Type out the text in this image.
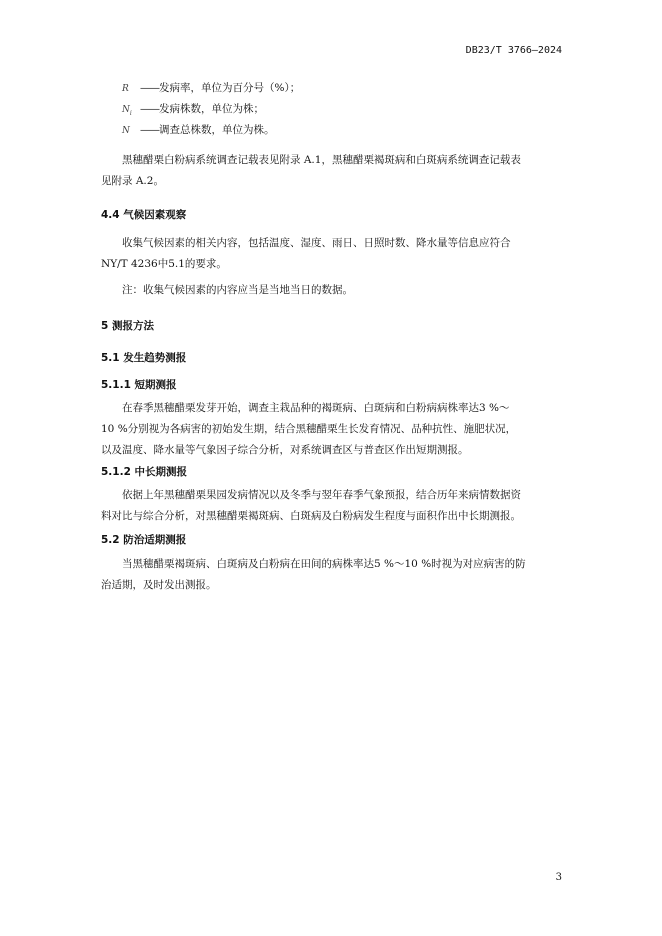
DB23/T 3766—2024
R ——发病率，单位为百分号（%）；
$N_i$ ——发病株数，单位为株；
N ——调查总株数，单位为株。
黑穗醋栗白粉病系统调查记载表见附录 A.1，黑穗醋栗褐斑病和白斑病系统调查记载表
见附录 A.2。
4.4 气候因素观察
收集气候因素的相关内容，包括温度、湿度、雨日、日照时数、降水量等信息应符合
NY/T 4236中5.1的要求。
注：收集气候因素的内容应当是当地当日的数据。
5 测报方法
5.1 发生趋势测报
5.1.1 短期测报
在春季黑穗醋栗发芽开始，调查主栽品种的褐斑病、白斑病和白粉病病株率达3 %～
10 %分别视为各病害的初始发生期，结合黑穗醋栗生长发育情况、品种抗性、施肥状况，
以及温度、降水量等气象因子综合分析，对系统调查区与普查区作出短期测报。
5.1.2 中长期测报
依据上年黑穗醋栗果园发病情况以及冬季与翌年春季气象预报，结合历年来病情数据资
料对比与综合分析，对黑穗醋栗褐斑病、白斑病及白粉病发生程度与面积作出中长期测报。
5.2 防治适期测报
当黑穗醋栗褐斑病、白斑病及白粉病在田间的病株率达5 %～10 %时视为对应病害的防
治适期，及时发出测报。
3
